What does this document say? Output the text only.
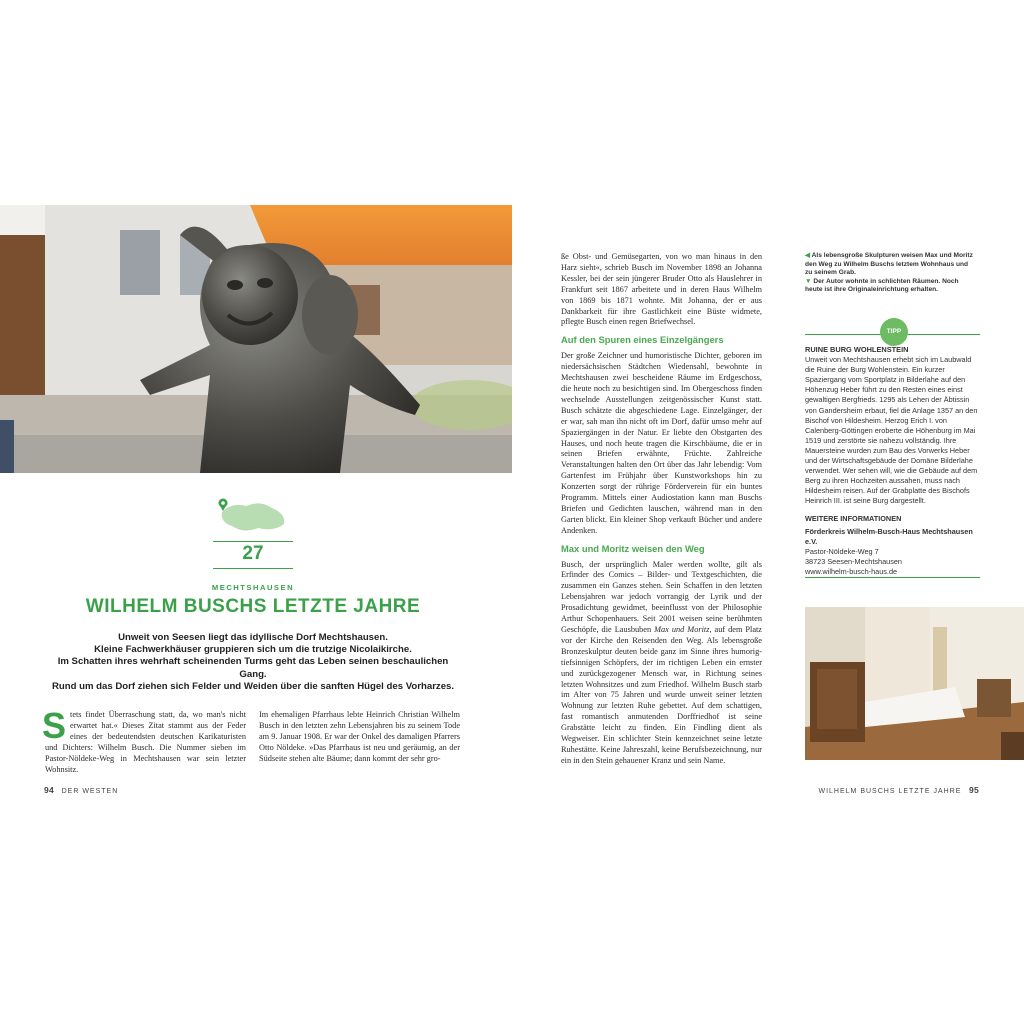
27
MECHTSHAUSEN
WILHELM BUSCHS LETZTE JAHRE
Unweit von Seesen liegt das idyllische Dorf Mechtshausen.
Kleine Fachwerkhäuser gruppieren sich um die trutzige Nicolaikirche.
Im Schatten ihres wehrhaft scheinenden Turms geht das Leben seinen beschaulichen Gang.
Rund um das Dorf ziehen sich Felder und Weiden über die sanften Hügel des Vorharzes.
S tets findet Überraschung statt, da, wo man's nicht erwartet hat.« Dieses Zitat stammt aus der Feder eines der bedeutendsten deutschen Karikaturisten und Dichters: Wilhelm Busch. Die Nummer sieben im Pastor-Nöldeke-Weg in Mechtshausen war sein letzter Wohnsitz.
Im ehemaligen Pfarrhaus lebte Heinrich Christian Wilhelm Busch in den letzten zehn Lebensjahren bis zu seinem Tode am 9. Januar 1908. Er war der Onkel des damaligen Pfarrers Otto Nöldeke. »Das Pfarrhaus ist neu und geräumig, an der Südseite stehen alte Bäume; dann kommt der sehr gro-
94 DER WESTEN

ße Obst- und Gemüsegarten, von wo man hinaus in den Harz sieht«, schrieb Busch im November 1898 an Johanna Kessler, bei der sein jüngerer Bruder Otto als Hauslehrer in Frankfurt seit 1867 arbeitete und in deren Haus Wilhelm von 1869 bis 1871 wohnte. Mit Johanna, der er aus Dankbarkeit für ihre Gastlichkeit eine Büste widmete, pflegte Busch einen regen Briefwechsel.

Auf den Spuren eines Einzelgängers

Der große Zeichner und humoristische Dichter, geboren im niedersächsischen Städtchen Wiedensahl, bewohnte in Mechtshausen zwei bescheidene Räume im Erdgeschoss, die heute noch zu besichtigen sind. Im Obergeschoss finden wechselnde Ausstellungen zeitgenössischer Kunst statt. Busch schätzte die abgeschiedene Lage. Einzelgänger, der er war, sah man ihn nicht oft im Dorf, dafür umso mehr auf Spaziergängen in der Natur. Er liebte den Obstgarten des Hauses, und noch heute tragen die Kirschbäume, die er in seinen Briefen erwähnte, Früchte. Zahlreiche Veranstaltungen halten den Ort über das Jahr lebendig: Vom Gartenfest im Frühjahr über Kunstworkshops hin zu Konzerten sorgt der rührige Förderverein für ein buntes Programm. Mittels einer Audiostation kann man Buschs Briefen und Gedichten lauschen, während man in den Garten blickt. Ein kleiner Shop verkauft Bücher und andere Andenken.

Max und Moritz weisen den Weg

Busch, der ursprünglich Maler werden wollte, gilt als Erfinder des Comics – Bilder- und Textgeschichten, die zusammen ein Ganzes stehen. Sein Schaffen in den letzten Lebensjahren war jedoch vorrangig der Lyrik und der Prosadichtung gewidmet, beeinflusst von der Philosophie Arthur Schopenhauers. Seit 2001 weisen seine berühmten Geschöpfe, die Lausbuben Max und Moritz, auf dem Platz vor der Kirche den Reisenden den Weg. Als lebensgroße Bronzeskulptur deuten beide ganz im Sinne ihres humorig-tiefsinnigen Schöpfers, der im richtigen Leben ein ernster und zurückgezogener Mensch war, in Richtung seines letzten Wohnsitzes und zum Friedhof. Wilhelm Busch starb im Alter von 75 Jahren und wurde unweit seiner letzten Wohnung zur letzten Ruhe gebettet. Auf dem schattigen, fast romantisch anmutenden Dorffriedhof ist seine Grabstätte leicht zu finden. Ein Findling dient als Wegweiser. Ein schlichter Stein kennzeichnet seine letzte Ruhestätte. Keine Jahreszahl, keine Berufsbezeichnung, nur ein in den Stein gehauener Kranz und sein Name.

◀ Als lebensgroße Skulpturen weisen Max und Moritz den Weg zu Wilhelm Buschs letztem Wohnhaus und zu seinem Grab.
▼ Der Autor wohnte in schlichten Räumen. Noch heute ist ihre Originaleinrichtung erhalten.
TIPP
RUINE BURG WOHLENSTEIN
Unweit von Mechtshausen erhebt sich im Laubwald die Ruine der Burg Wohlenstein. Ein kurzer Spaziergang vom Sportplatz in Bilderlahe auf den Höhenzug Heber führt zu den Resten eines einst gewaltigen Bergfrieds. 1295 als Lehen der Äbtissin von Gandersheim erbaut, fiel die Anlage 1357 an den Bischof von Hildesheim. Herzog Erich I. von Calenberg-Göttingen eroberte die Höhenburg im Mai 1519 und zerstörte sie nahezu vollständig. Ihre Mauersteine wurden zum Bau des Vorwerks Heber und der Wirtschaftsgebäude der Domäne Bilderlahe verwendet. Wer sehen will, wie die Gebäude auf dem Berg zu ihren Hochzeiten aussahen, muss nach Hildesheim reisen. Auf der Grabplatte des Bischofs Heinrich III. ist seine Burg dargestellt.
WEITERE INFORMATIONEN
Förderkreis Wilhelm-Busch-Haus Mechtshausen e.V.
Pastor-Nöldeke-Weg 7
38723 Seesen-Mechtshausen
www.wilhelm-busch-haus.de
WILHELM BUSCHS LETZTE JAHRE 95
